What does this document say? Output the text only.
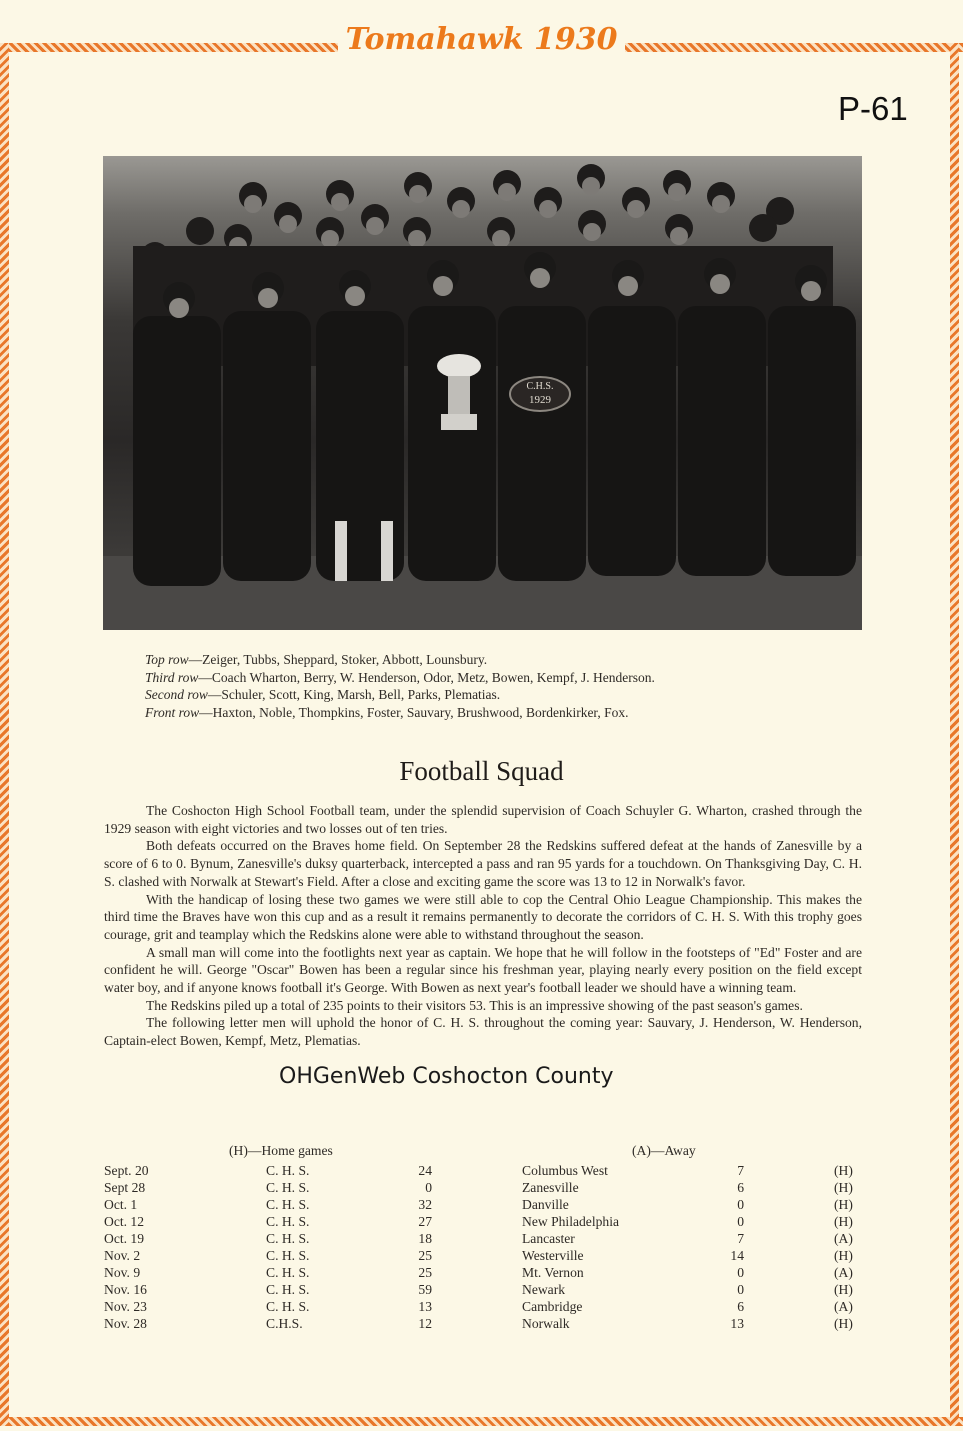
Tomahawk 1930
P-61
C.H.S.
1929
Top row—Zeiger, Tubbs, Sheppard, Stoker, Abbott, Lounsbury.
Third row—Coach Wharton, Berry, W. Henderson, Odor, Metz, Bowen, Kempf, J. Henderson.
Second row—Schuler, Scott, King, Marsh, Bell, Parks, Plematias.
Front row—Haxton, Noble, Thompkins, Foster, Sauvary, Brushwood, Bordenkirker, Fox.
Football Squad

The Coshocton High School Football team, under the splendid supervision of Coach Schuyler G. Wharton, crashed through the 1929 season with eight victories and two losses out of ten tries.

Both defeats occurred on the Braves home field. On September 28 the Redskins suffered defeat at the hands of Zanesville by a score of 6 to 0. Bynum, Zanesville's duksy quarterback, intercepted a pass and ran 95 yards for a touchdown. On Thanksgiving Day, C. H. S. clashed with Norwalk at Stewart's Field. After a close and exciting game the score was 13 to 12 in Norwalk's favor.

With the handicap of losing these two games we were still able to cop the Central Ohio League Championship. This makes the third time the Braves have won this cup and as a result it remains permanently to decorate the corridors of C. H. S. With this trophy goes courage, grit and teamplay which the Redskins alone were able to withstand throughout the season.

A small man will come into the footlights next year as captain. We hope that he will follow in the footsteps of "Ed" Foster and are confident he will. George "Oscar" Bowen has been a regular since his freshman year, playing nearly every position on the field except water boy, and if anyone knows football it's George. With Bowen as next year's football leader we should have a winning team.

The Redskins piled up a total of 235 points to their visitors 53. This is an impressive showing of the past season's games.

The following letter men will uphold the honor of C. H. S. throughout the coming year: Sauvary, J. Henderson, W. Henderson, Captain-elect Bowen, Kempf, Metz, Plematias.

OHGenWeb Coshocton County
(H)—Home games	(A)—Away
Sept. 20	C. H. S.	24	Columbus West	7	(H)
Sept 28	C. H. S.	0	Zanesville	6	(H)
Oct. 1	C. H. S.	32	Danville	0	(H)
Oct. 12	C. H. S.	27	New Philadelphia	0	(H)
Oct. 19	C. H. S.	18	Lancaster	7	(A)
Nov. 2	C. H. S.	25	Westerville	14	(H)
Nov. 9	C. H. S.	25	Mt. Vernon	0	(A)
Nov. 16	C. H. S.	59	Newark	0	(H)
Nov. 23	C. H. S.	13	Cambridge	6	(A)
Nov. 28	C.H.S.	12	Norwalk	13	(H)
